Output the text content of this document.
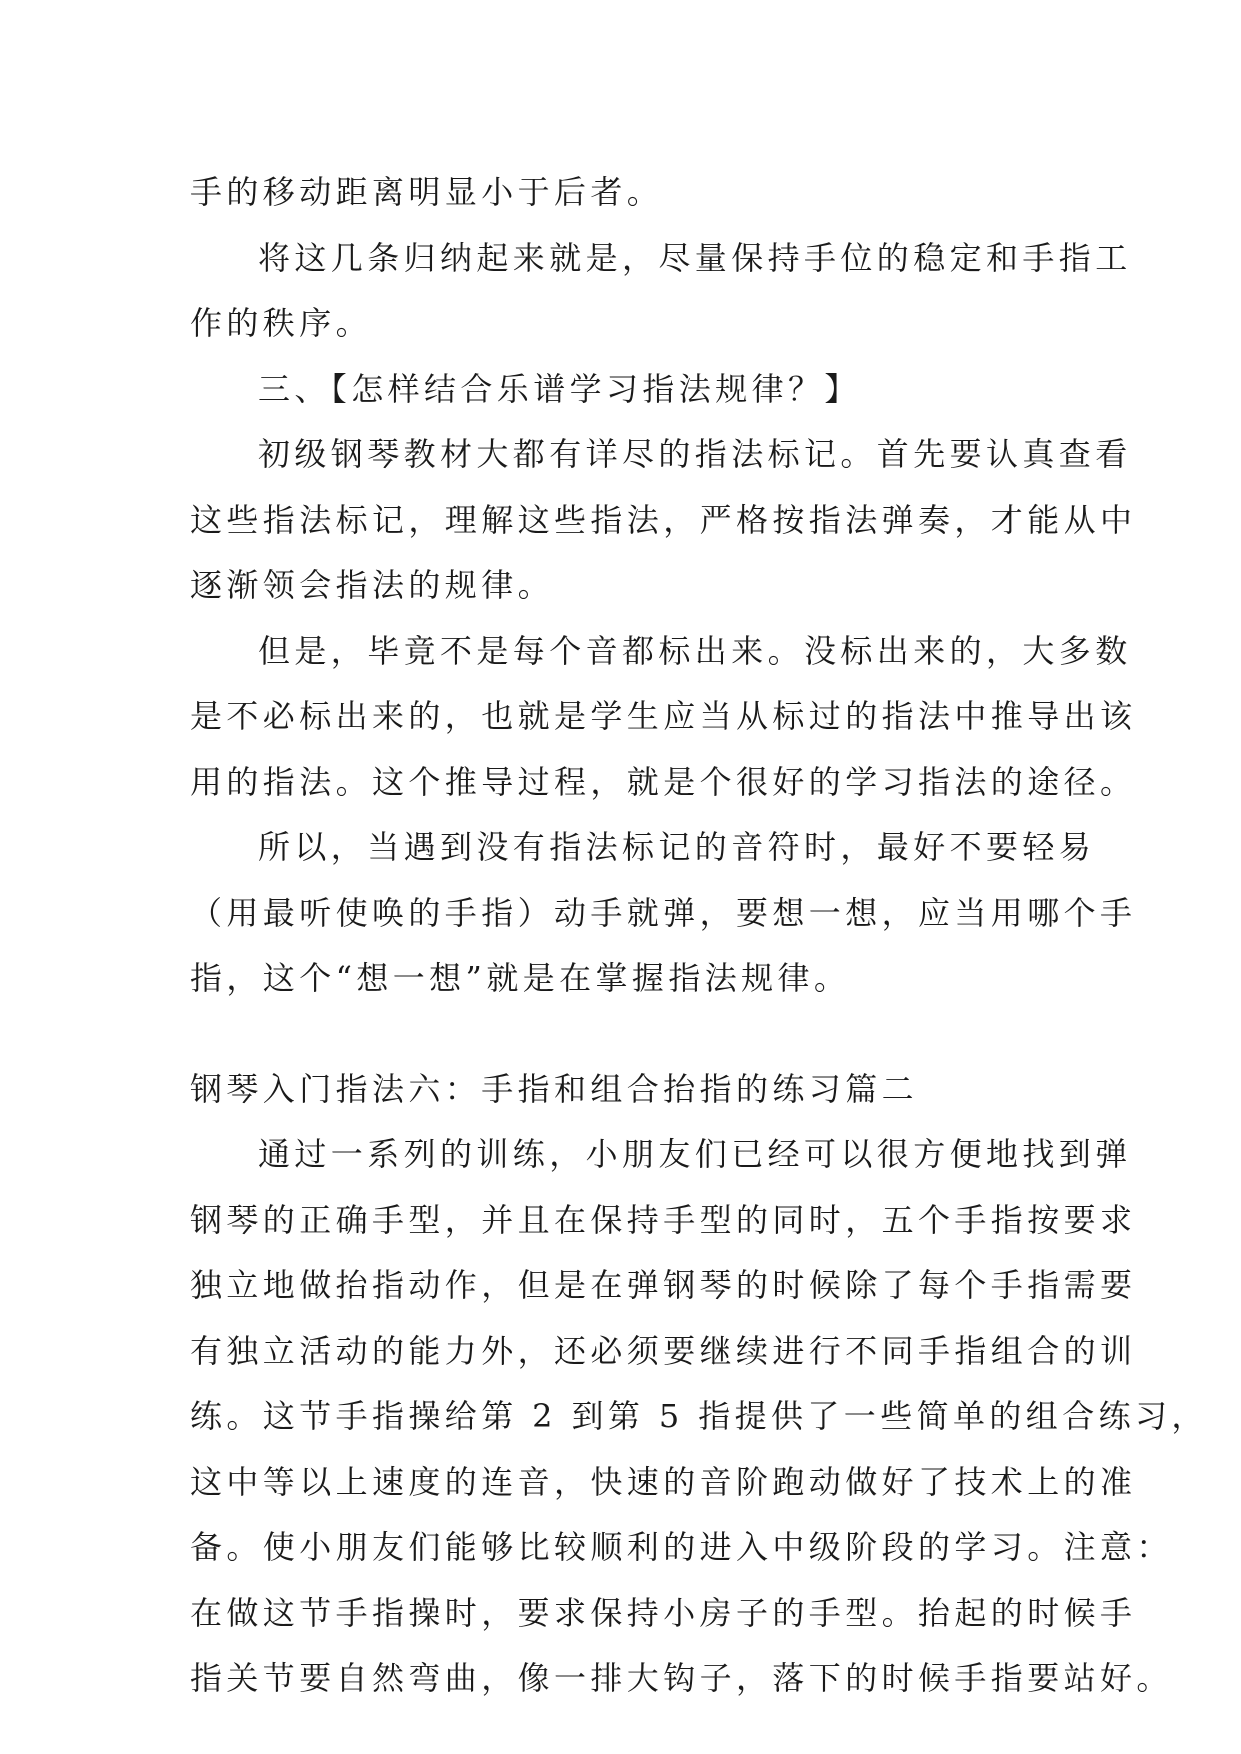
手的移动距离明显小于后者。
将这几条归纳起来就是，尽量保持手位的稳定和手指工
作的秩序。
三、【怎样结合乐谱学习指法规律？】
初级钢琴教材大都有详尽的指法标记。首先要认真查看
这些指法标记，理解这些指法，严格按指法弹奏，才能从中
逐渐领会指法的规律。
但是，毕竟不是每个音都标出来。没标出来的，大多数
是不必标出来的，也就是学生应当从标过的指法中推导出该
用的指法。这个推导过程，就是个很好的学习指法的途径。
所以，当遇到没有指法标记的音符时，最好不要轻易
（用最听使唤的手指）动手就弹，要想一想，应当用哪个手
指，这个“想一想”就是在掌握指法规律。
钢琴入门指法六：手指和组合抬指的练习篇二
通过一系列的训练，小朋友们已经可以很方便地找到弹
钢琴的正确手型，并且在保持手型的同时，五个手指按要求
独立地做抬指动作，但是在弹钢琴的时候除了每个手指需要
有独立活动的能力外，还必须要继续进行不同手指组合的训
练。这节手指操给第 2 到第 5 指提供了一些简单的组合练习，
这中等以上速度的连音，快速的音阶跑动做好了技术上的准
备。使小朋友们能够比较顺利的进入中级阶段的学习。注意：
在做这节手指操时，要求保持小房子的手型。抬起的时候手
指关节要自然弯曲，像一排大钩子，落下的时候手指要站好。
